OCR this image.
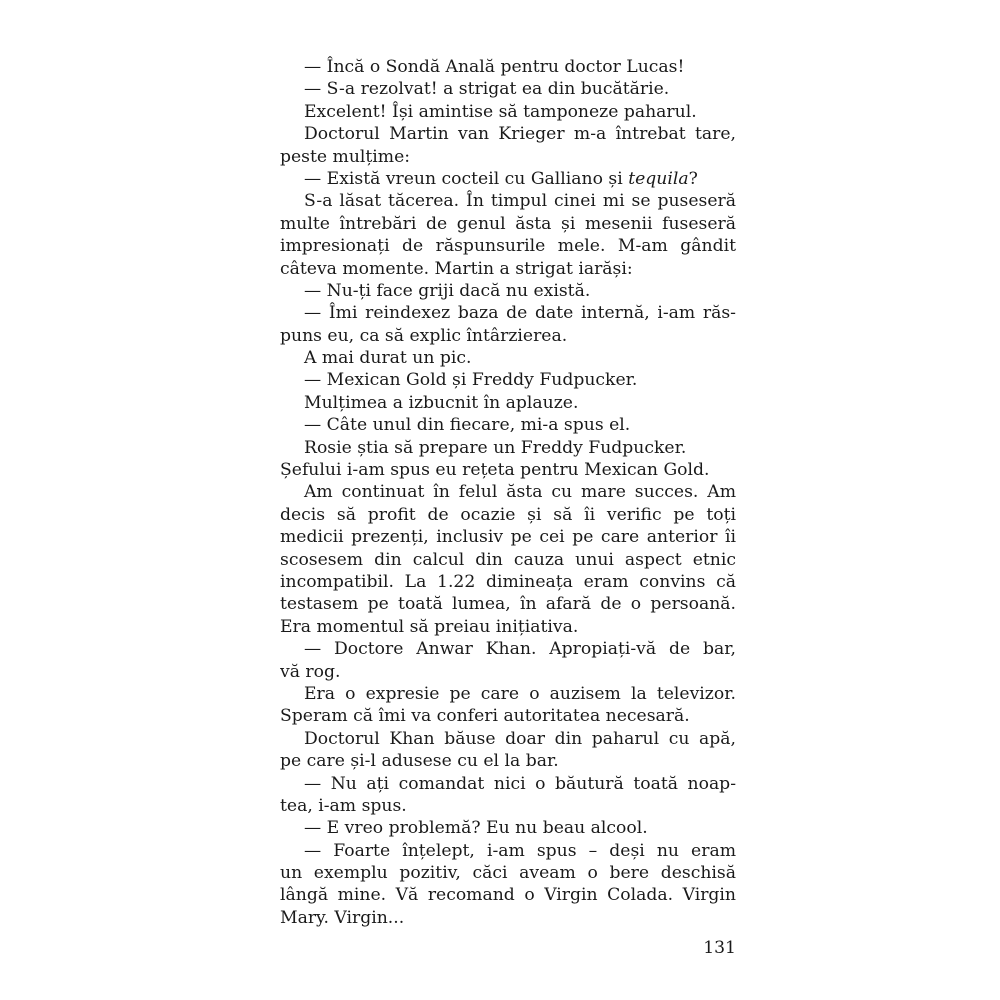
— Încă o Sondă Anală pentru doctor Lucas!
— S-a rezolvat! a strigat ea din bucătărie.
Excelent! Își amintise să tamponeze paharul.
Doctorul Martin van Krieger m-a întrebat tare,
peste mulțime:
— Există vreun cocteil cu Galliano și tequila?
S-a lăsat tăcerea. În timpul cinei mi se puseseră
multe întrebări de genul ăsta și mesenii fuseseră
impresionați de răspunsurile mele. M-am gândit
câteva momente. Martin a strigat iarăși:
— Nu-ți face griji dacă nu există.
— Îmi reindexez baza de date internă, i-am răs-
puns eu, ca să explic întârzierea.
A mai durat un pic.
— Mexican Gold și Freddy Fudpucker.
Mulțimea a izbucnit în aplauze.
— Câte unul din fiecare, mi-a spus el.
Rosie știa să prepare un Freddy Fudpucker.
Șefului i-am spus eu rețeta pentru Mexican Gold.
Am continuat în felul ăsta cu mare succes. Am
decis să profit de ocazie și să îi verific pe toți
medicii prezenți, inclusiv pe cei pe care anterior îi
scosesem din calcul din cauza unui aspect etnic
incompatibil. La 1.22 dimineața eram convins că
testasem pe toată lumea, în afară de o persoană.
Era momentul să preiau inițiativa.
— Doctore Anwar Khan. Apropiați-vă de bar,
vă rog.
Era o expresie pe care o auzisem la televizor.
Speram că îmi va conferi autoritatea necesară.
Doctorul Khan băuse doar din paharul cu apă,
pe care și-l adusese cu el la bar.
— Nu ați comandat nici o băutură toată noap-
tea, i-am spus.
— E vreo problemă? Eu nu beau alcool.
— Foarte înțelept, i-am spus – deși nu eram
un exemplu pozitiv, căci aveam o bere deschisă
lângă mine. Vă recomand o Virgin Colada. Virgin
Mary. Virgin...
131
